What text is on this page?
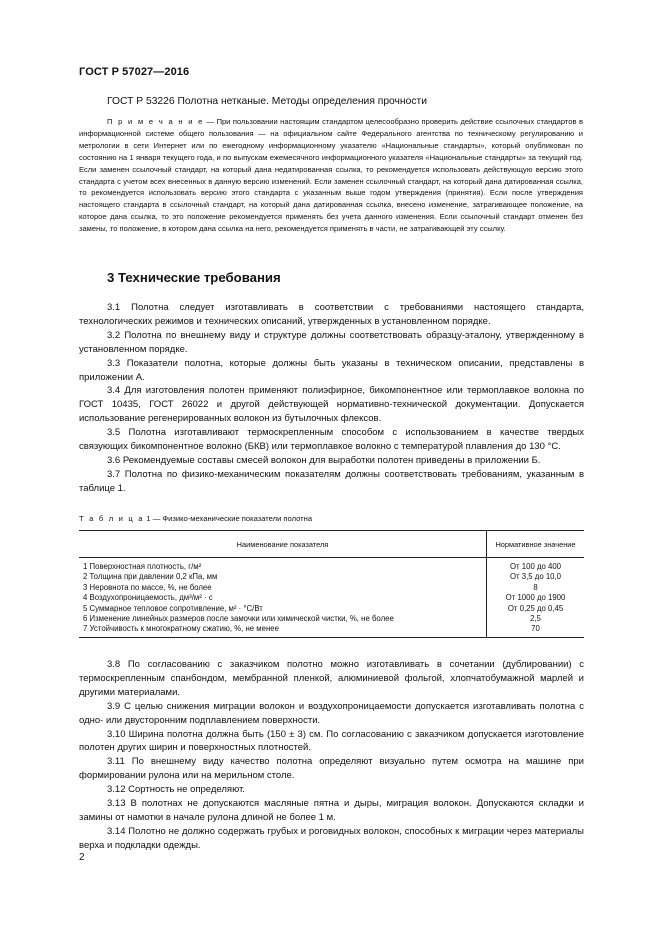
ГОСТ Р 57027—2016
ГОСТ Р 53226 Полотна нетканые. Методы определения прочности
П р и м е ч а н и е — При пользовании настоящим стандартом целесообразно проверить действие ссылочных стандартов в информационной системе общего пользования — на официальном сайте Федерального агентства по техническому регулированию и метрологии в сети Интернет или по ежегодному информационному указателю «Национальные стандарты», который опубликован по состоянию на 1 января текущего года, и по выпускам ежемесячного информационного указателя «Национальные стандарты» за текущий год. Если заменен ссылочный стандарт, на который дана недатированная ссылка, то рекомендуется использовать действующую версию этого стандарта с учетом всех внесенных в данную версию изменений. Если заменен ссылочный стандарт, на который дана датированная ссылка, то рекомендуется использовать версию этого стандарта с указанным выше годом утверждения (принятия). Если после утверждения настоящего стандарта в ссылочный стандарт, на который дана датированная ссылка, внесено изменение, затрагивающее положение, на которое дана ссылка, то это положение рекомендуется применять без учета данного изменения. Если ссылочный стандарт отменен без замены, то положение, в котором дана ссылка на него, рекомендуется применять в части, не затрагивающей эту ссылку.
3 Технические требования

3.1 Полотна следует изготавливать в соответствии с требованиями настоящего стандарта, технологических режимов и технических описаний, утвержденных в установленном порядке.

3.2 Полотна по внешнему виду и структуре должны соответствовать образцу-эталону, утвержденному в установленном порядке.

3.3 Показатели полотна, которые должны быть указаны в техническом описании, представлены в приложении А.

3.4 Для изготовления полотен применяют полиэфирное, бикомпонентное или термоплавкое волокна по ГОСТ 10435, ГОСТ 26022 и другой действующей нормативно-технической документации. Допускается использование регенерированных волокон из бутылочных флексов.

3.5 Полотна изготавливают термоскрепленным способом с использованием в качестве твердых связующих бикомпонентное волокно (БКВ) или термоплавкое волокно с температурой плавления до 130 °С.

3.6 Рекомендуемые составы смесей волокон для выработки полотен приведены в приложении Б.

3.7 Полотна по физико-механическим показателям должны соответствовать требованиям, указанным в таблице 1.

Т а б л и ц а 1 — Физико-механические показатели полотна
Наименование показателя	Нормативное значение
1 Поверхностная плотность, г/м²	От 100 до 400
2 Толщина при давлении 0,2 кПа, мм	От 3,5 до 10,0
3 Неровнота по массе, %, не более	8
4 Воздухопроницаемость, дм³/м² · с	От 1000 до 1900
5 Суммарное тепловое сопротивление, м² · °С/Вт	От 0,25 до 0,45
6 Изменение линейных размеров после замочки или химической чистки, %, не более	2,5
7 Устойчивость к многократному сжатию, %, не менее	70

3.8 По согласованию с заказчиком полотно можно изготавливать в сочетании (дублировании) с термоскрепленным спанбондом, мембранной пленкой, алюминиевой фольгой, хлопчатобумажной марлей и другими материалами.

3.9 С целью снижения миграции волокон и воздухопроницаемости допускается изготавливать полотна с одно- или двусторонним подплавлением поверхности.

3.10 Ширина полотна должна быть (150 ± 3) см. По согласованию с заказчиком допускается изготовление полотен других ширин и поверхностных плотностей.

3.11 По внешнему виду качество полотна определяют визуально путем осмотра на машине при формировании рулона или на мерильном столе.

3.12 Сортность не определяют.

3.13 В полотнах не допускаются масляные пятна и дыры, миграция волокон. Допускаются складки и замины от намотки в начале рулона длиной не более 1 м.

3.14 Полотно не должно содержать грубых и роговидных волокон, способных к миграции через материалы верха и подкладки одежды.

2
